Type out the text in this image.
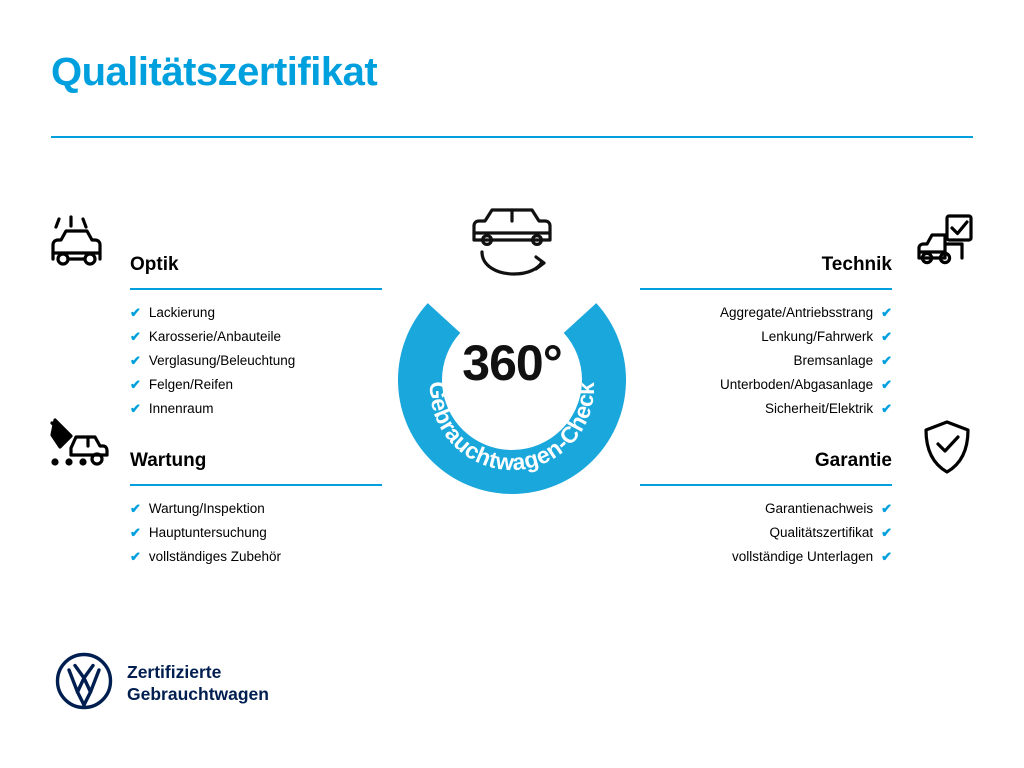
Qualitätszertifikat
Optik
✔ Lackierung
✔ Karosserie/Anbauteile
✔ Verglasung/Beleuchtung
✔ Felgen/Reifen
✔ Innenraum
Wartung
✔ Wartung/Inspektion
✔ Hauptuntersuchung
✔ vollständiges Zubehör
Technik
Aggregate/Antriebsstrang ✔
Lenkung/Fahrwerk ✔
Bremsanlage ✔
Unterboden/Abgasanlage ✔
Sicherheit/Elektrik ✔
Garantie
Garantienachweis ✔
Qualitätszertifikat ✔
vollständige Unterlagen ✔
Gebrauchtwagen-Check
360°
Zertifizierte
Gebrauchtwagen
